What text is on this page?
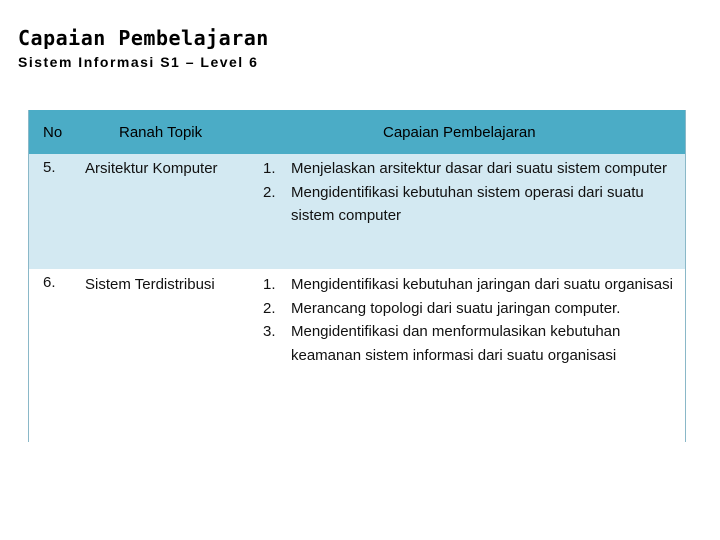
Capaian Pembelajaran
Sistem Informasi S1 – Level 6
No	Ranah Topik	Capaian Pembelajaran
5. Arsitektur Komputer	1. Menjelaskan arsitektur dasar dari suatu sistem computer
2. Mengidentifikasi kebutuhan sistem operasi dari suatu sistem computer
6. Sistem Terdistribusi	1. Mengidentifikasi kebutuhan jaringan dari suatu organisasi
2. Merancang topologi dari suatu jaringan computer.
3. Mengidentifikasi dan menformulasikan kebutuhan keamanan sistem informasi dari suatu organisasi
